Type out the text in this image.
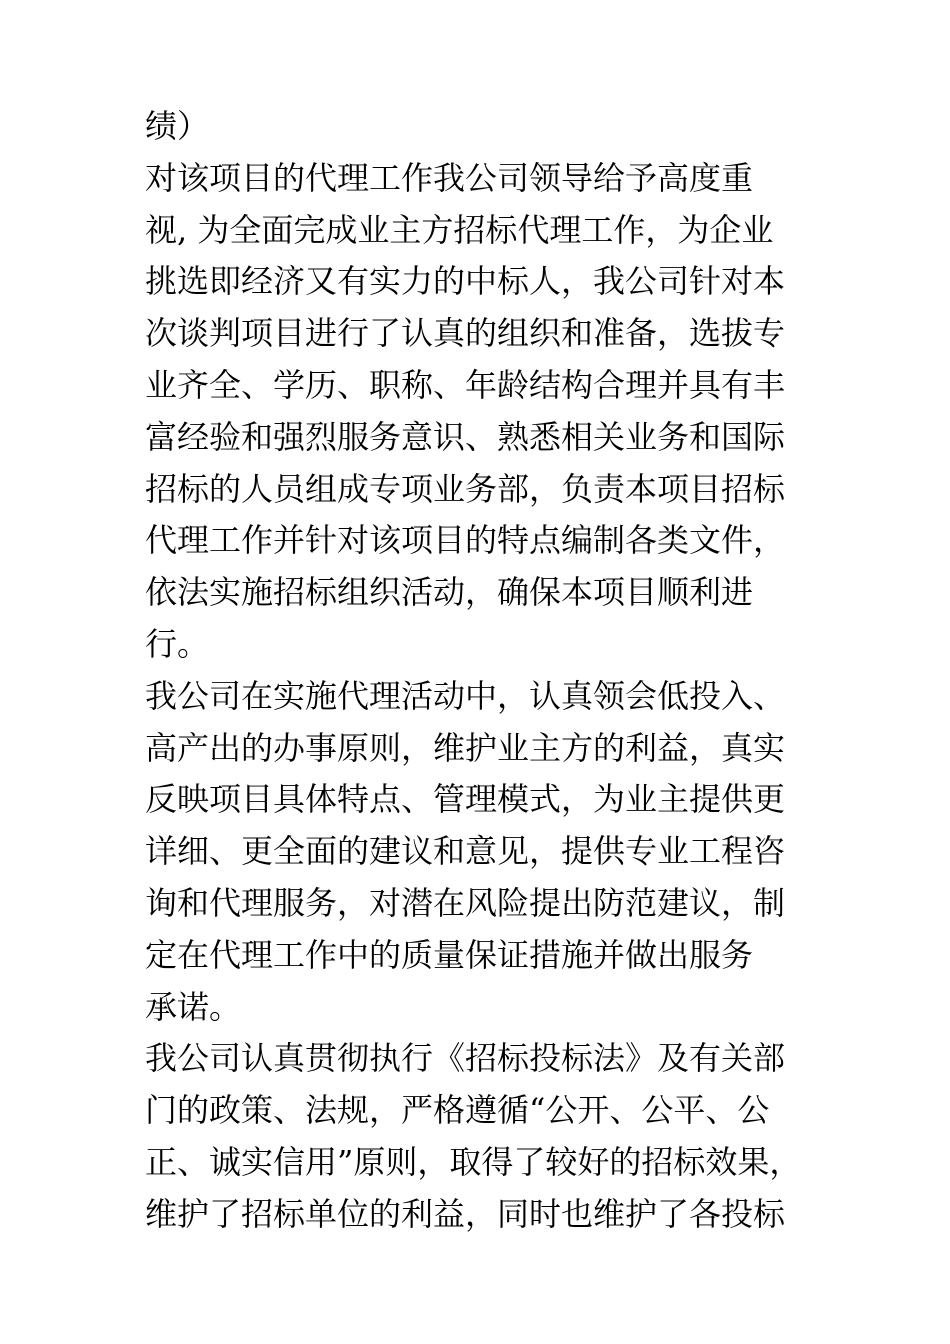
绩）
对该项目的代理工作我公司领导给予高度重
视, 为全面完成业主方招标代理工作，为企业
挑选即经济又有实力的中标人，我公司针对本
次谈判项目进行了认真的组织和准备，选拔专
业齐全、学历、职称、年龄结构合理并具有丰
富经验和强烈服务意识、熟悉相关业务和国际
招标的人员组成专项业务部，负责本项目招标
代理工作并针对该项目的特点编制各类文件，
依法实施招标组织活动，确保本项目顺利进
行。
我公司在实施代理活动中，认真领会低投入、
高产出的办事原则，维护业主方的利益，真实
反映项目具体特点、管理模式，为业主提供更
详细、更全面的建议和意见，提供专业工程咨
询和代理服务，对潜在风险提出防范建议，制
定在代理工作中的质量保证措施并做出服务
承诺。
我公司认真贯彻执行《招标投标法》及有关部
门的政策、法规，严格遵循“公开、公平、公
正、诚实信用”原则，取得了较好的招标效果，
维护了招标单位的利益，同时也维护了各投标
